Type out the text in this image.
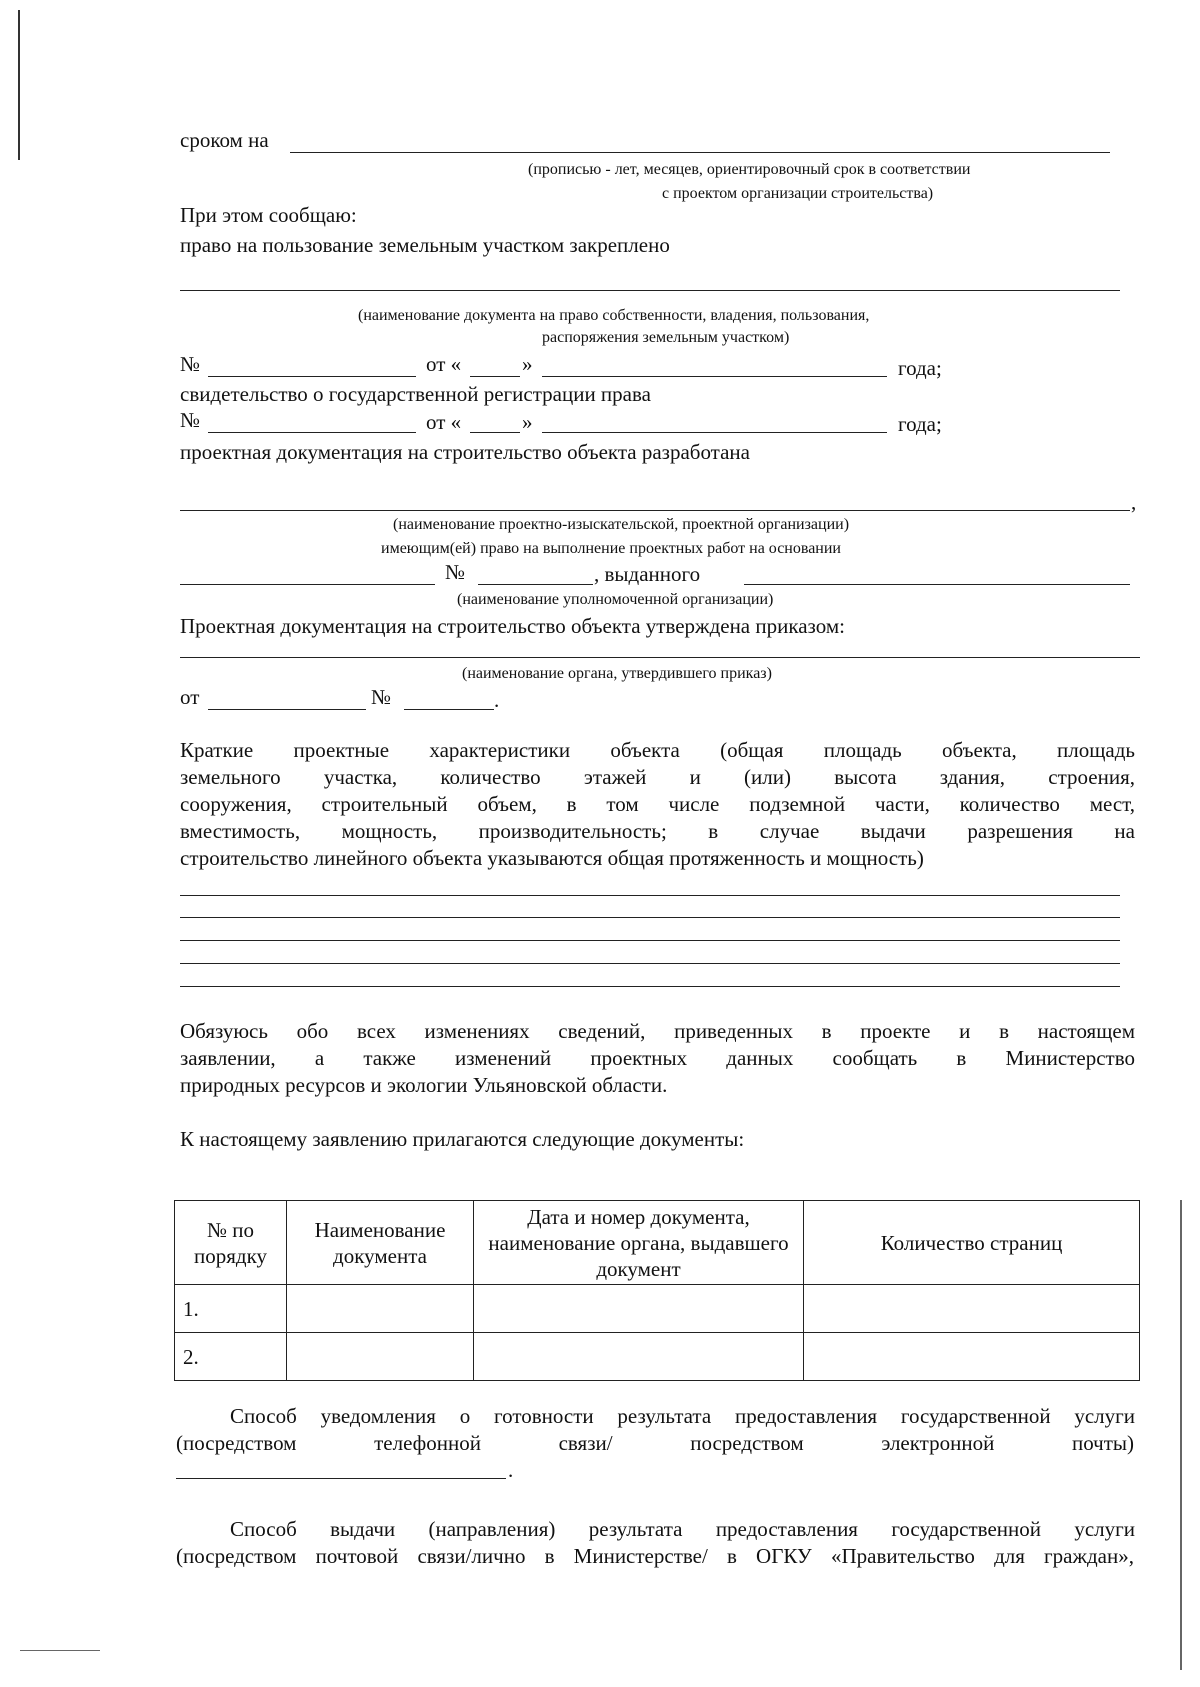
сроком на
(прописью - лет, месяцев, ориентировочный срок в соответствии
с проектом организации строительства)
При этом сообщаю:
право на пользование земельным участком закреплено
(наименование документа на право собственности, владения, пользования,
распоряжения земельным участком)
№	от «	»	года;
свидетельство о государственной регистрации права
№	от «	»	года;
проектная документация на строительство объекта разработана
,
(наименование проектно-изыскательской, проектной организации)
имеющим(ей) право на выполнение проектных работ на основании
№	, выданного
(наименование уполномоченной организации)
Проектная документация на строительство объекта утверждена приказом:
(наименование органа, утвердившего приказ)
от	№	.
Краткие проектные характеристики объекта (общая площадь объекта, площадь
земельного участка, количество этажей и (или) высота здания, строения,
сооружения, строительный объем, в том числе подземной части, количество мест,
вместимость, мощность, производительность; в случае выдачи разрешения на
строительство линейного объекта указываются общая протяженность и мощность)
Обязуюсь обо всех изменениях сведений, приведенных в проекте и в настоящем
заявлении, а также изменений проектных данных сообщать в Министерство
природных ресурсов и экологии Ульяновской области.
К настоящему заявлению прилагаются следующие документы:
№ по порядку	Наименование документа	Дата и номер документа, наименование органа, выдавшего документ	Количество страниц
1.			
2.			
Способ уведомления о готовности результата предоставления государственной услуги
(посредством телефонной связи/ посредством электронной почты)
.
Способ выдачи (направления) результата предоставления государственной услуги
(посредством почтовой связи/лично в Министерстве/ в ОГКУ «Правительство для граждан»,
